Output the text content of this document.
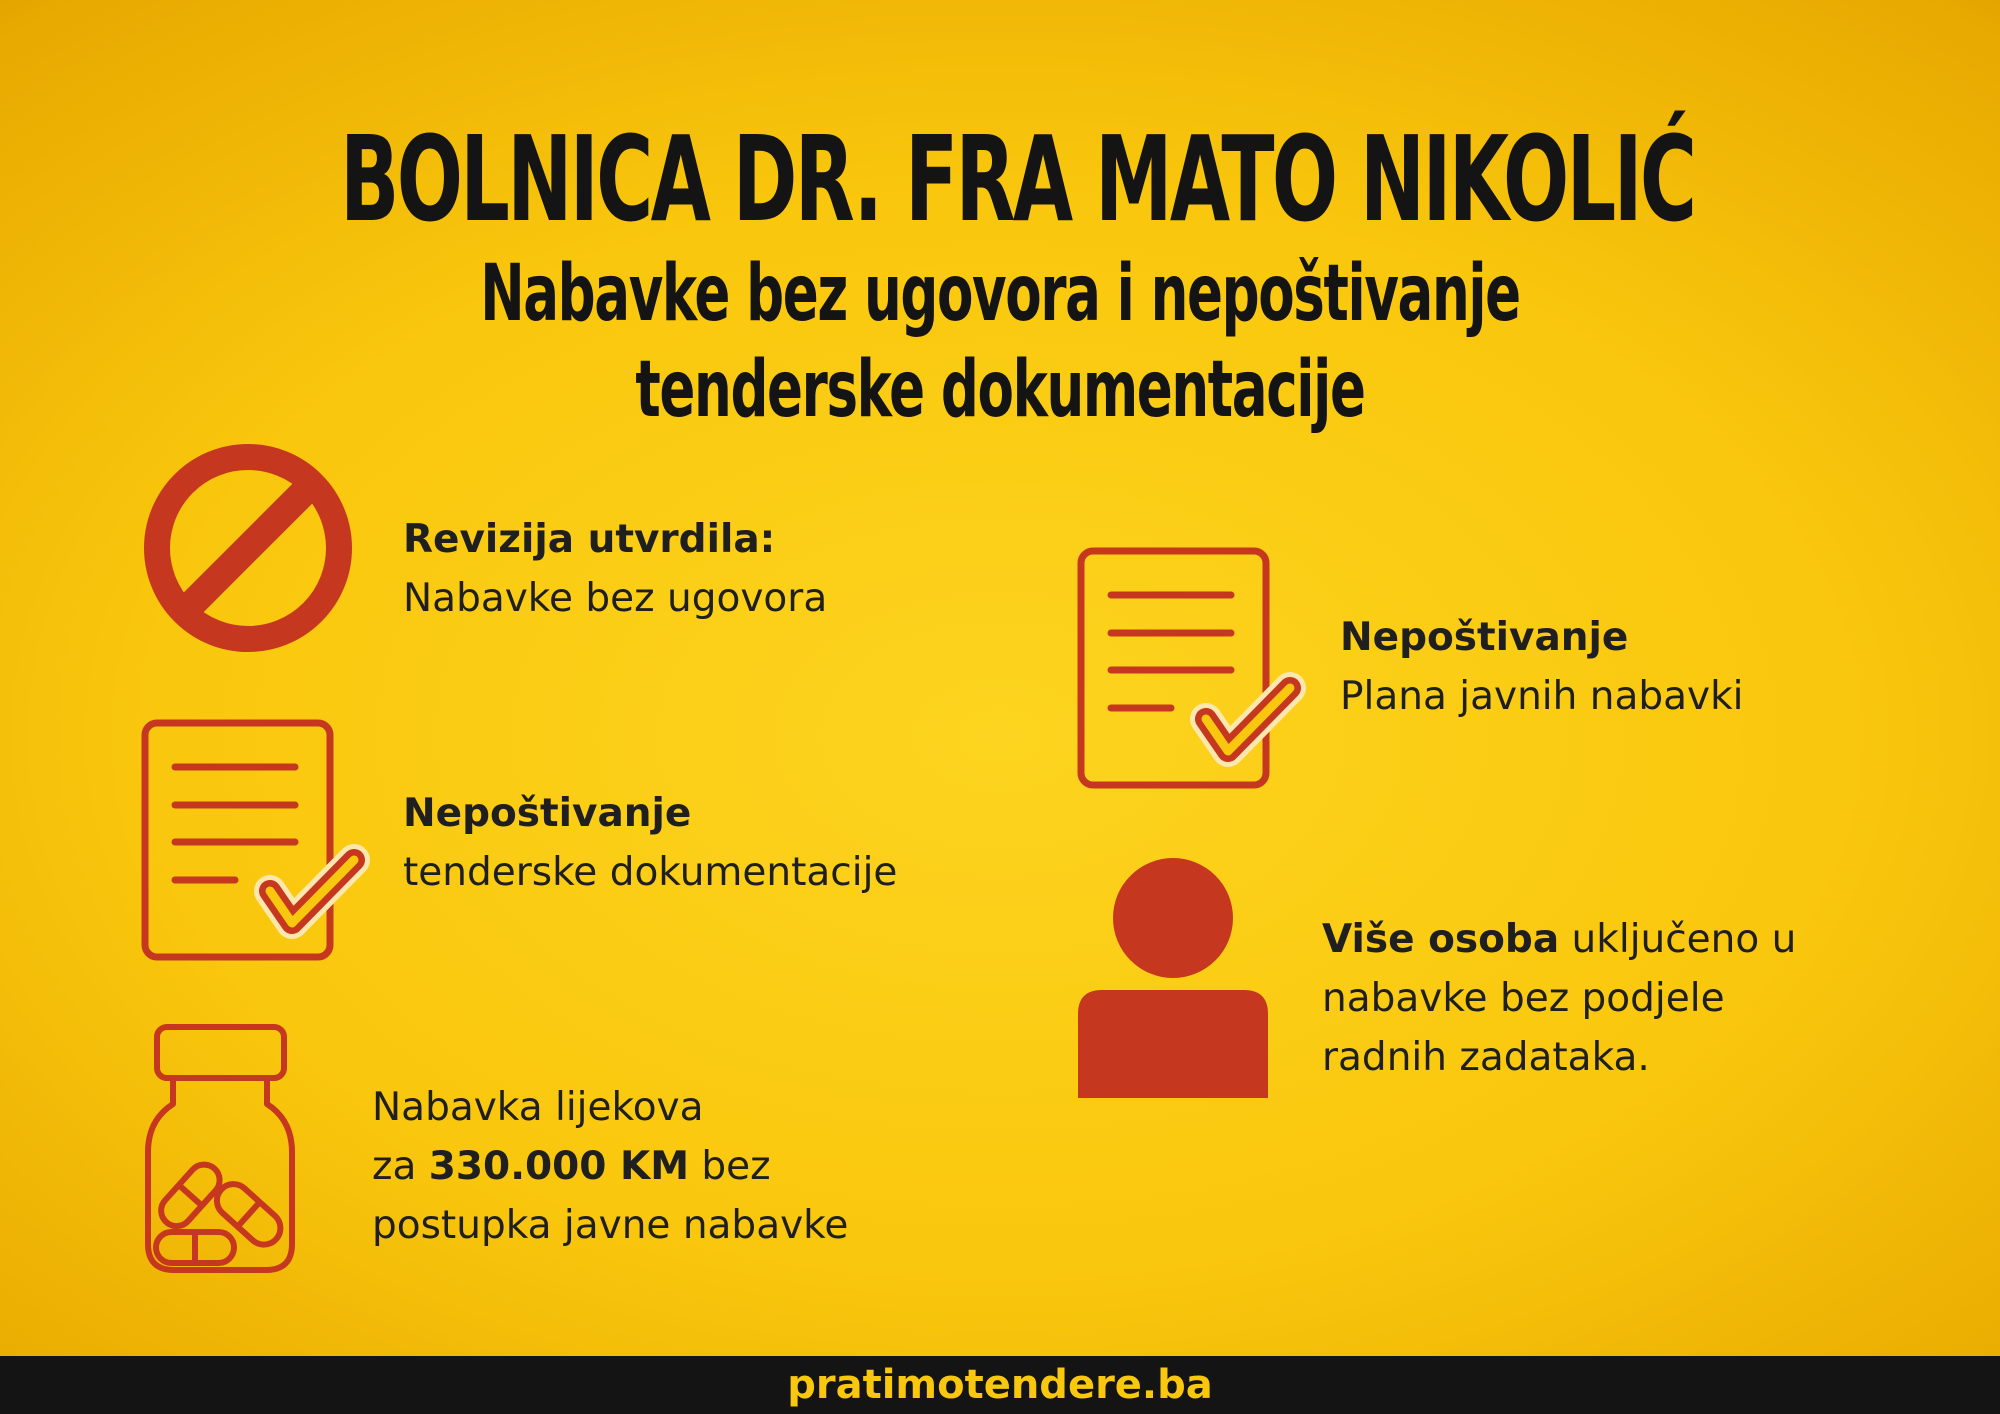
BOLNICA DR. FRA MATO NIKOLIĆ
Nabavke bez ugovora i nepoštivanje
tenderske dokumentacije
Revizija utvrdila:
Nabavke bez ugovora
Nepoštivanje
tenderske dokumentacije
Nabavka lijekova
za 330.000 KM bez
postupka javne nabavke
Nepoštivanje
Plana javnih nabavki
Više osoba uključeno u
nabavke bez podjele
radnih zadataka.
pratimotendere.ba
